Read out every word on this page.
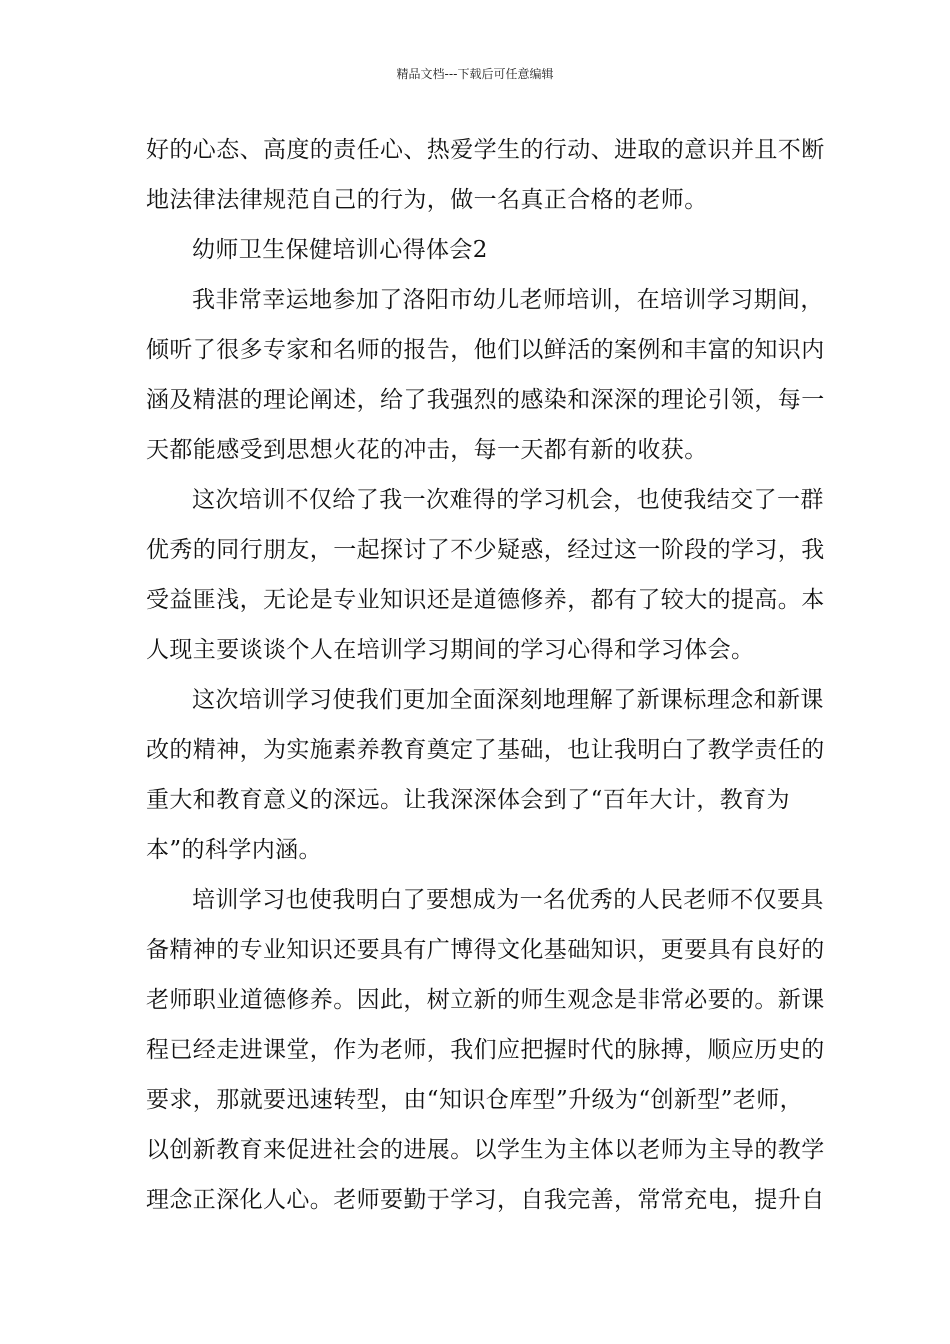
精品文档---下载后可任意编辑
好的心态、高度的责任心、热爱学生的行动、进取的意识并且不断
地法律法律规范自己的行为，做一名真正合格的老师。
幼师卫生保健培训心得体会2
我非常幸运地参加了洛阳市幼儿老师培训，在培训学习期间，
倾听了很多专家和名师的报告，他们以鲜活的案例和丰富的知识内
涵及精湛的理论阐述，给了我强烈的感染和深深的理论引领，每一
天都能感受到思想火花的冲击，每一天都有新的收获。
这次培训不仅给了我一次难得的学习机会，也使我结交了一群
优秀的同行朋友，一起探讨了不少疑惑，经过这一阶段的学习，我
受益匪浅，无论是专业知识还是道德修养，都有了较大的提高。本
人现主要谈谈个人在培训学习期间的学习心得和学习体会。
这次培训学习使我们更加全面深刻地理解了新课标理念和新课
改的精神，为实施素养教育奠定了基础，也让我明白了教学责任的
重大和教育意义的深远。让我深深体会到了“百年大计，教育为
本”的科学内涵。
培训学习也使我明白了要想成为一名优秀的人民老师不仅要具
备精神的专业知识还要具有广博得文化基础知识，更要具有良好的
老师职业道德修养。因此，树立新的师生观念是非常必要的。新课
程已经走进课堂，作为老师，我们应把握时代的脉搏，顺应历史的
要求，那就要迅速转型，由“知识仓库型”升级为“创新型”老师，
以创新教育来促进社会的进展。以学生为主体以老师为主导的教学
理念正深化人心。老师要勤于学习，自我完善，常常充电，提升自
